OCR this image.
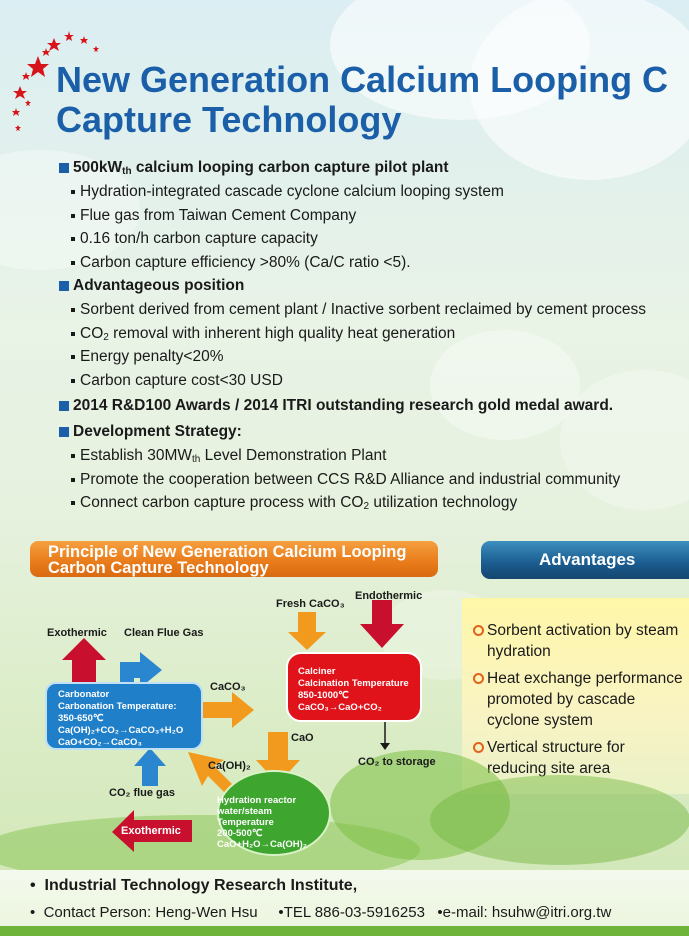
New Generation Calcium Looping C
Capture Technology

$500kW_{th}$ calcium looping carbon capture pilot plant

Hydration-integrated cascade cyclone calcium looping system

Flue gas from Taiwan Cement Company

0.16 ton/h carbon capture capacity

Carbon capture efficiency >80% (Ca/C ratio <5).

Advantageous position

Sorbent derived from cement plant / Inactive sorbent reclaimed by cement process

$CO_2$ removal with inherent high quality heat generation

Energy penalty<20%

Carbon capture cost<30 USD

2014 R&D100 Awards / 2014 ITRI outstanding research gold medal award.

Development Strategy:

Establish $30MW_{th}$ Level Demonstration Plant

Promote the cooperation between CCS R&D Alliance and industrial community

Connect carbon capture process with $CO_2$ utilization technology

Principle of New Generation Calcium Looping
Carbon Capture Technology	Advantages
Sorbent activation by steam
hydration
Heat exchange performance
promoted by cascade
cyclone system
Vertical structure for
reducing site area
Fresh CaCO₃
Endothermic
Exothermic Clean Flue Gas
CaCO₃
CaO
Ca(OH)₂	CO₂ to storage
CO₂ flue gas
Exothermic
Carbonator
Carbonation Temperature:
350-650℃
Ca(OH)₂+CO₂→CaCO₃+H₂O
CaO+CO₂→CaCO₃
Calciner
Calcination Temperature
850-1000℃
CaCO₃→CaO+CO₂
Hydration reactor
water/steam
Temperature
200-500℃
CaO+H₂O→Ca(OH)₂
•  Industrial Technology Research Institute,
•  Contact Person: Heng-Wen Hsu     •TEL 886-03-5916253   •e-mail: hsuhw@itri.org.tw
